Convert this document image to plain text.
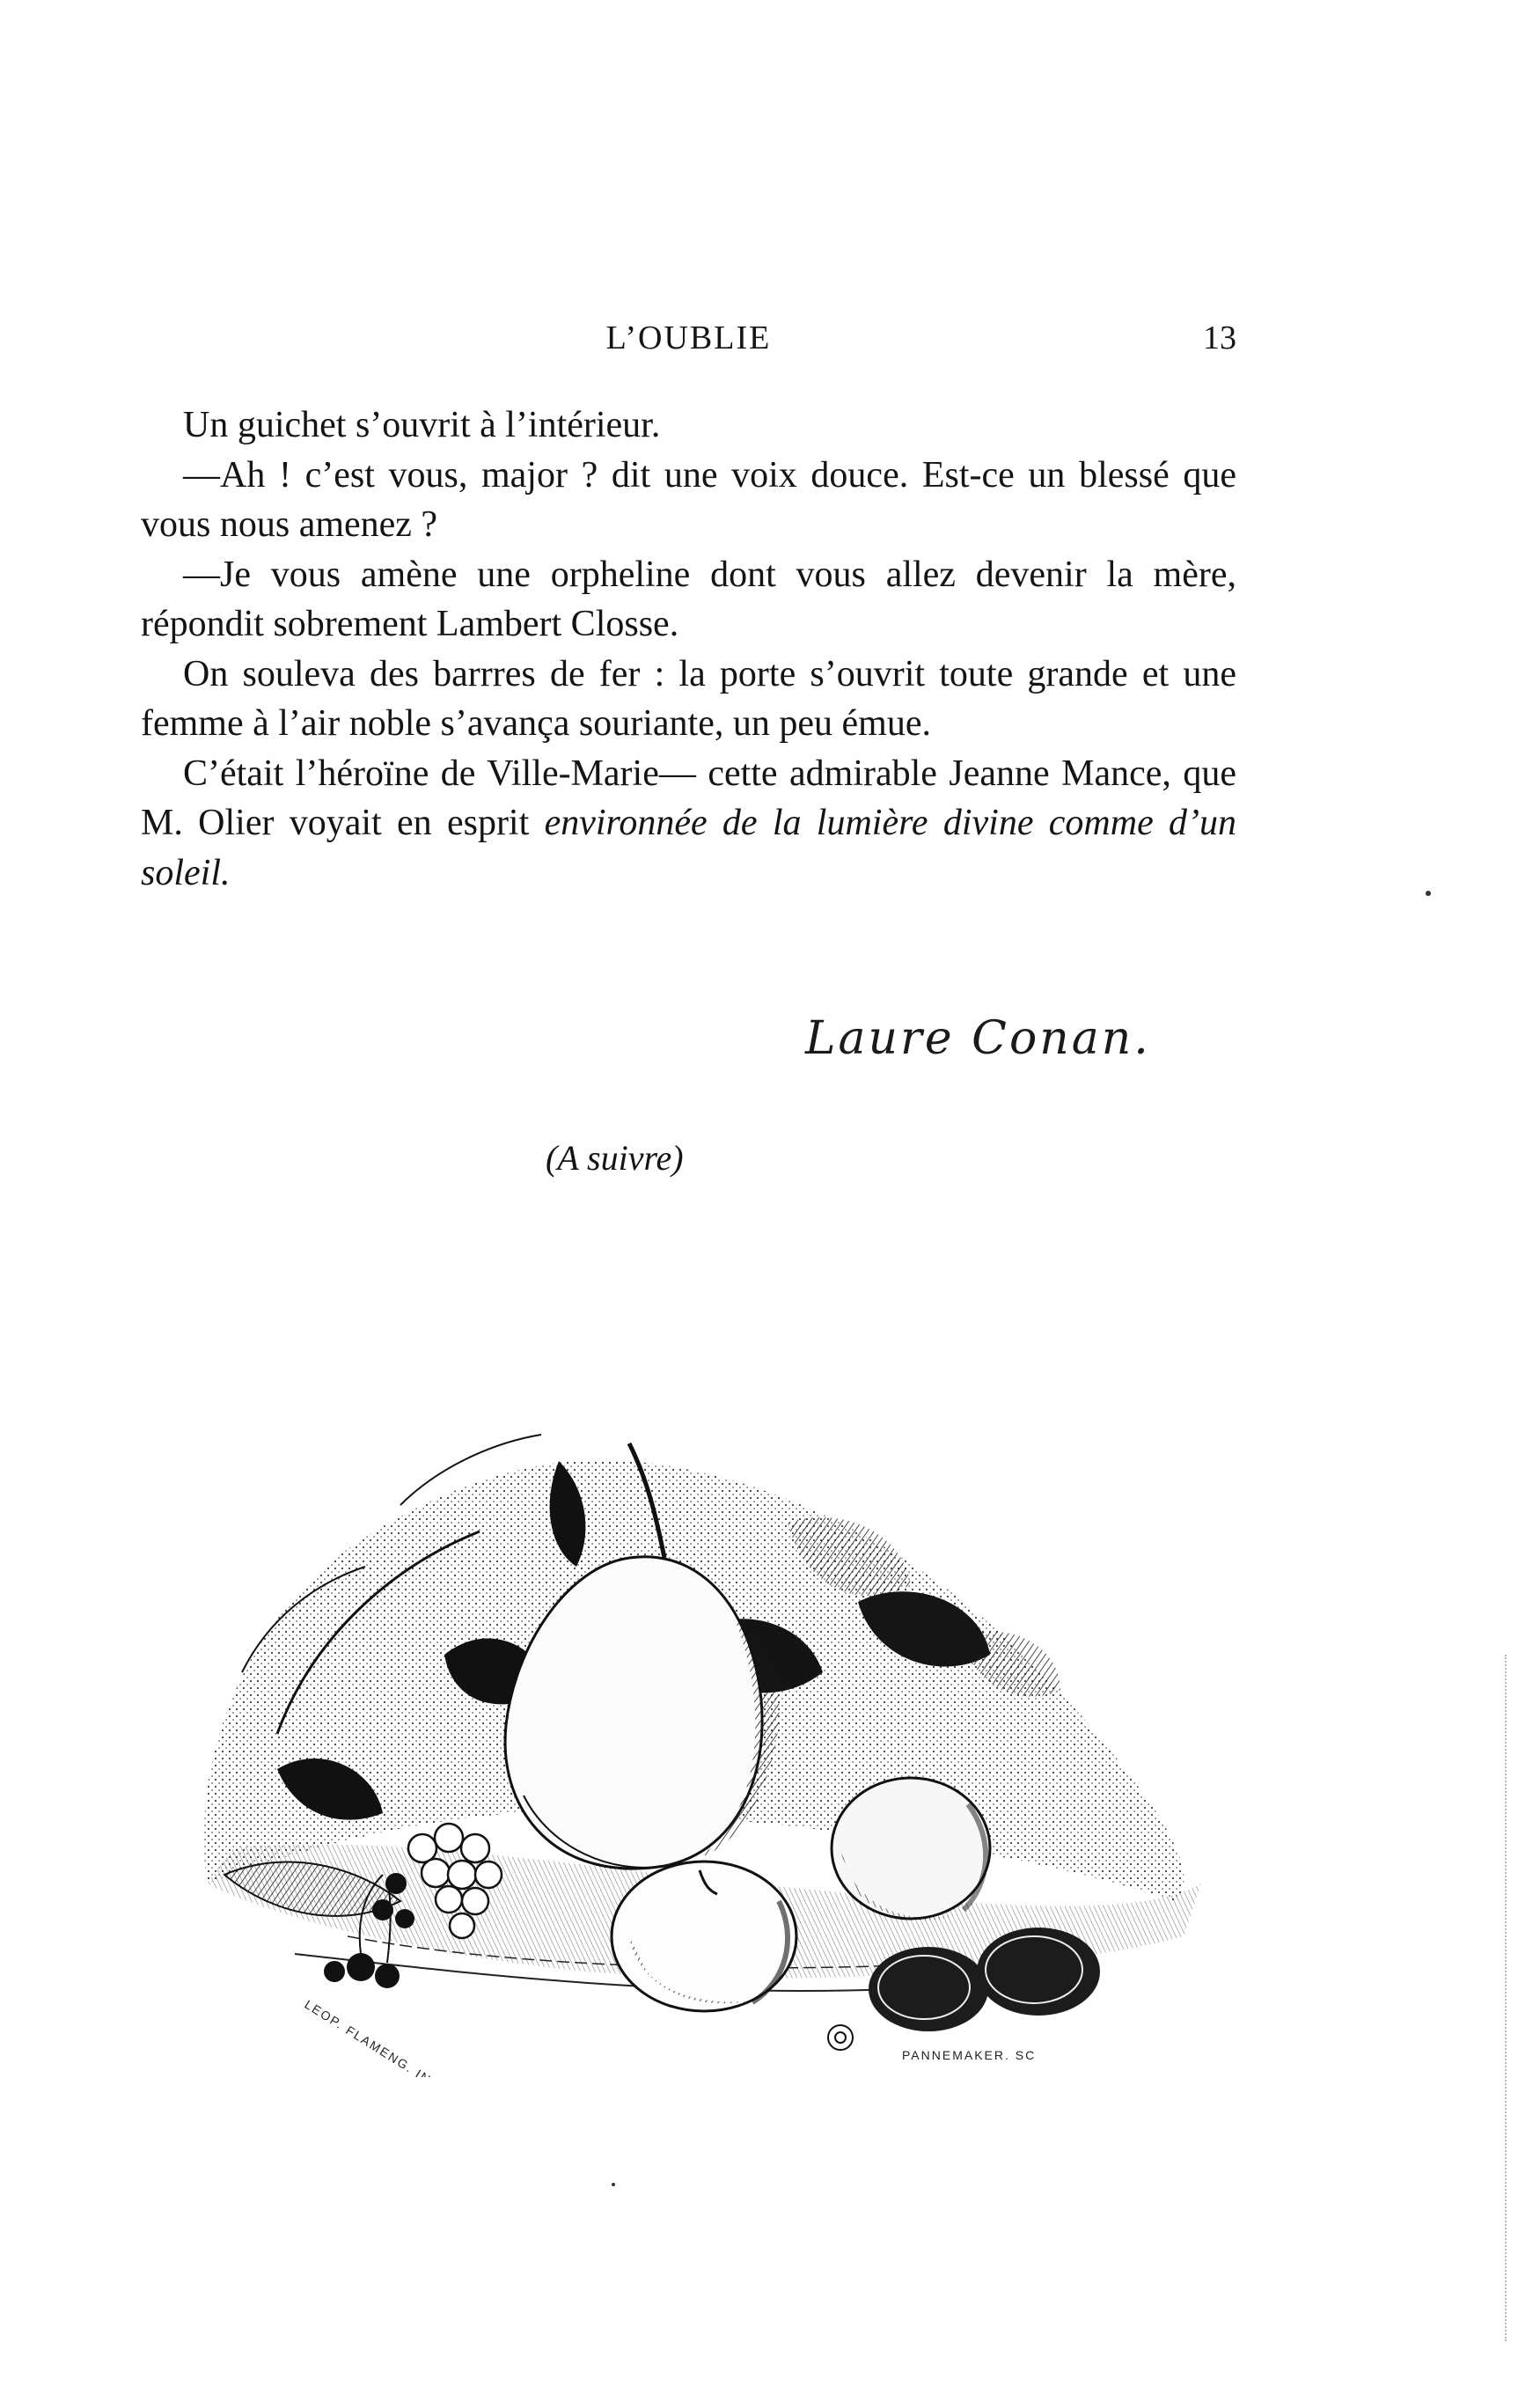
L’OUBLIE	13

Un guichet s’ouvrit à l’intérieur.

—Ah ! c’est vous, major ? dit une voix douce. Est-ce un blessé que vous nous amenez ?

—Je vous amène une orpheline dont vous allez devenir la mère, répondit sobrement Lambert Closse.

On souleva des barrres de fer : la porte s’ouvrit toute grande et une femme à l’air noble s’avança souriante, un peu émue.

C’était l’héroïne de Ville-Marie— cette admirable Jeanne Mance, que M. Olier voyait en esprit environnée de la lumière divine comme d’un soleil.

Laure Conan.
(A suivre)
LEOP. FLAMENG. INV. ...	PANNEMAKER. SC
